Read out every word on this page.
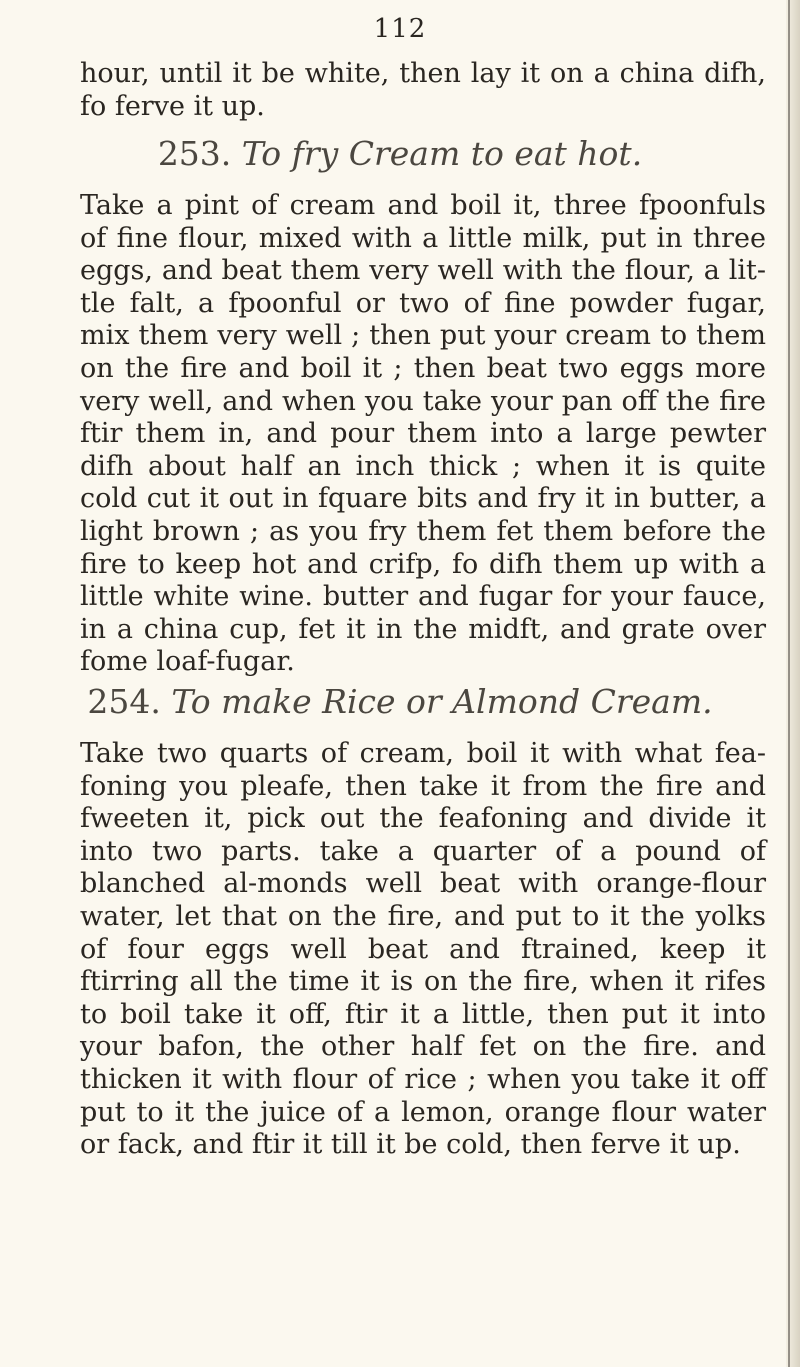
112

hour, until it be white, then lay it on a china difh, fo ferve it up.

253. To fry Cream to eat hot.

Take a pint of cream and boil it, three fpoonfuls of fine flour, mixed with a little milk, put in three eggs, and beat them very well with the flour, a lit-tle falt, a fpoonful or two of fine powder fugar, mix them very well ; then put your cream to them on the fire and boil it ; then beat two eggs more very well, and when you take your pan off the fire ftir them in, and pour them into a large pewter difh about half an inch thick ; when it is quite cold cut it out in fquare bits and fry it in butter, a light brown ; as you fry them fet them before the fire to keep hot and crifp, fo difh them up with a little white wine. butter and fugar for your fauce, in a china cup, fet it in the midft, and grate over fome loaf-fugar.

254. To make Rice or Almond Cream.

Take two quarts of cream, boil it with what fea-foning you pleafe, then take it from the fire and fweeten it, pick out the feafoning and divide it into two parts. take a quarter of a pound of blanched al-monds well beat with orange-flour water, let that on the fire, and put to it the yolks of four eggs well beat and ftrained, keep it ftirring all the time it is on the fire, when it rifes to boil take it off, ftir it a little, then put it into your bafon, the other half fet on the fire. and thicken it with flour of rice ; when you take it off put to it the juice of a lemon, orange flour water or fack, and ftir it till it be cold, then ferve it up.
